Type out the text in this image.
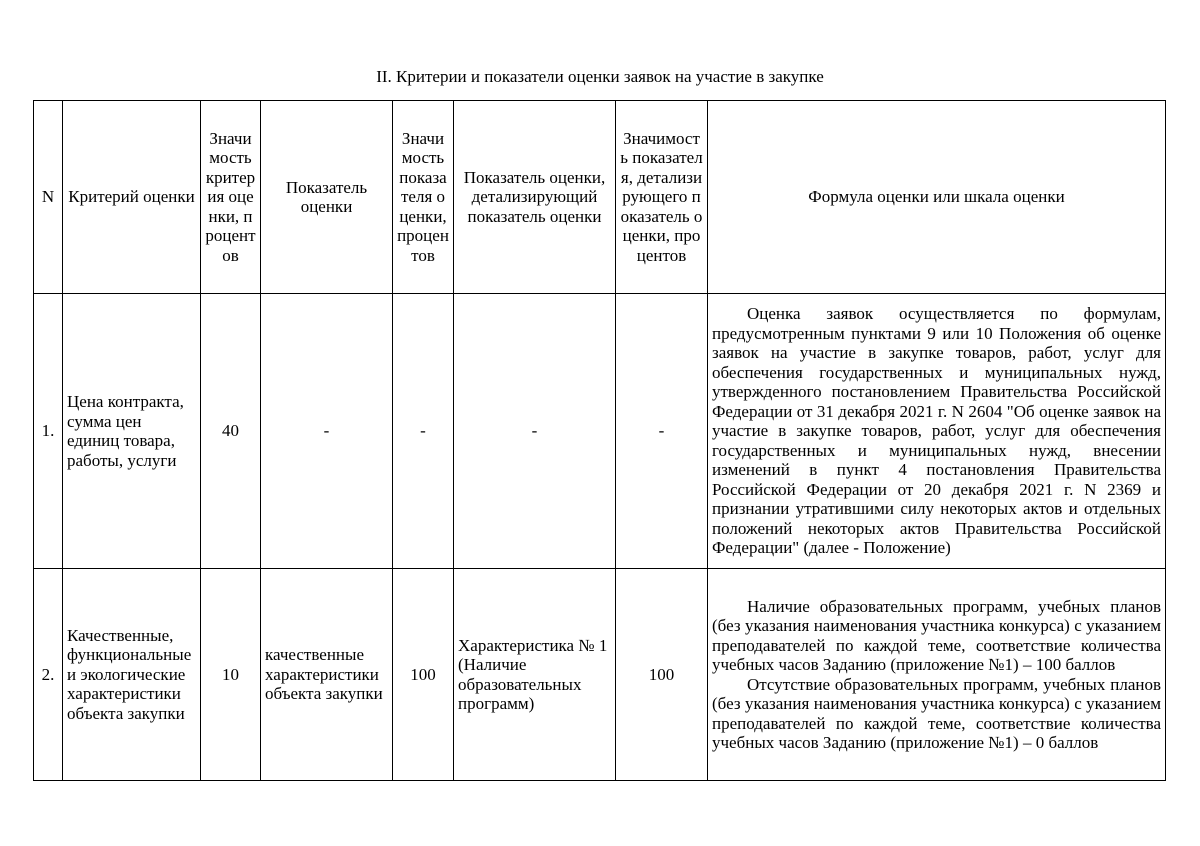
II. Критерии и показатели оценки заявок на участие в закупке
N	Критерий оценки	Значимость критерия оценки, процентов	Показатель оценки	Значимость показателя оценки, процентов	Показатель оценки, детализирующий показатель оценки	Значимость показателя, детализирующего показатель оценки, процентов	Формула оценки или шкала оценки
1.	Цена контракта, сумма цен единиц товара, работы, услуги	40	-	-	-	-	Оценка заявок осуществляется по формулам, предусмотренным пунктами 9 или 10 Положения об оценке заявок на участие в закупке товаров, работ, услуг для обеспечения государственных и муниципальных нужд, утвержденного постановлением Правительства Российской Федерации от 31 декабря 2021 г. N 2604 "Об оценке заявок на участие в закупке товаров, работ, услуг для обеспечения государственных и муниципальных нужд, внесении изменений в пункт 4 постановления Правительства Российской Федерации от 20 декабря 2021 г. N 2369 и признании утратившими силу некоторых актов и отдельных положений некоторых актов Правительства Российской Федерации" (далее - Положение)

2.	Качественные, функциональные и экологические характеристики объекта закупки	10	качественные характеристики объекта закупки	100	Характеристика № 1 (Наличие образовательных программ)	100	Наличие образовательных программ, учебных планов (без указания наименования участника конкурса) с указанием преподавателей по каждой теме, соответствие количества учебных часов Заданию (приложение №1) – 100 баллов

Отсутствие образовательных программ, учебных планов (без указания наименования участника конкурса) с указанием преподавателей по каждой теме, соответствие количества учебных часов Заданию (приложение №1) – 0 баллов
